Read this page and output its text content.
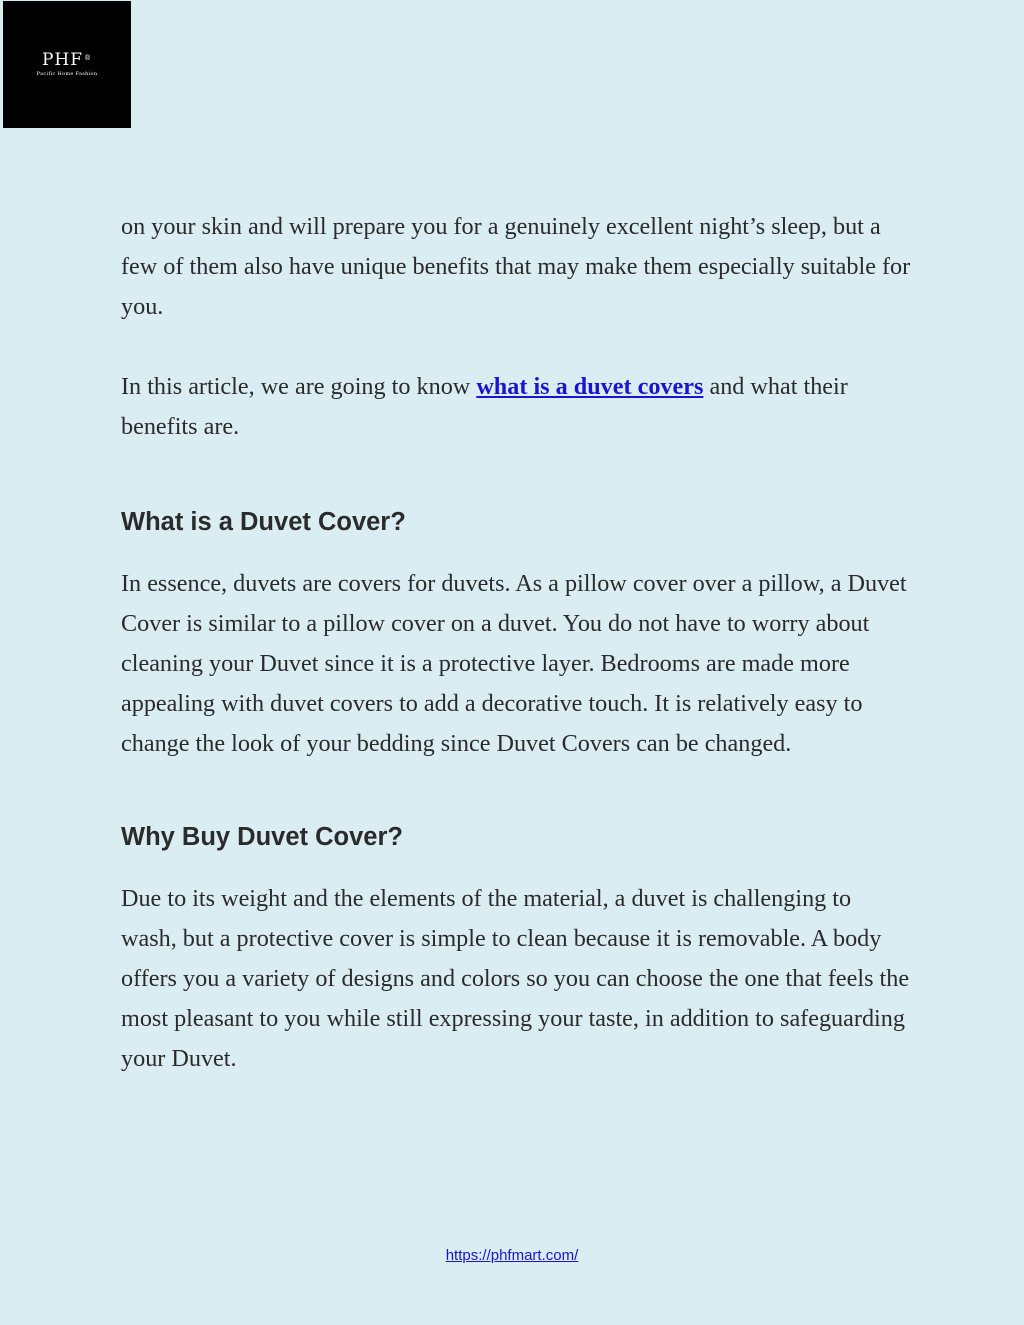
PHF®
Pacific Home Fashion

on your skin and will prepare you for a genuinely excellent night’s sleep, but a few of them also have unique benefits that may make them especially suitable for you.

In this article, we are going to know what is a duvet covers and what their benefits are.

What is a Duvet Cover?

In essence, duvets are covers for duvets. As a pillow cover over a pillow, a Duvet Cover is similar to a pillow cover on a duvet. You do not have to worry about cleaning your Duvet since it is a protective layer. Bedrooms are made more appealing with duvet covers to add a decorative touch. It is relatively easy to change the look of your bedding since Duvet Covers can be changed.

Why Buy Duvet Cover?

Due to its weight and the elements of the material, a duvet is challenging to wash, but a protective cover is simple to clean because it is removable. A body offers you a variety of designs and colors so you can choose the one that feels the most pleasant to you while still expressing your taste, in addition to safeguarding your Duvet.

https://phfmart.com/
